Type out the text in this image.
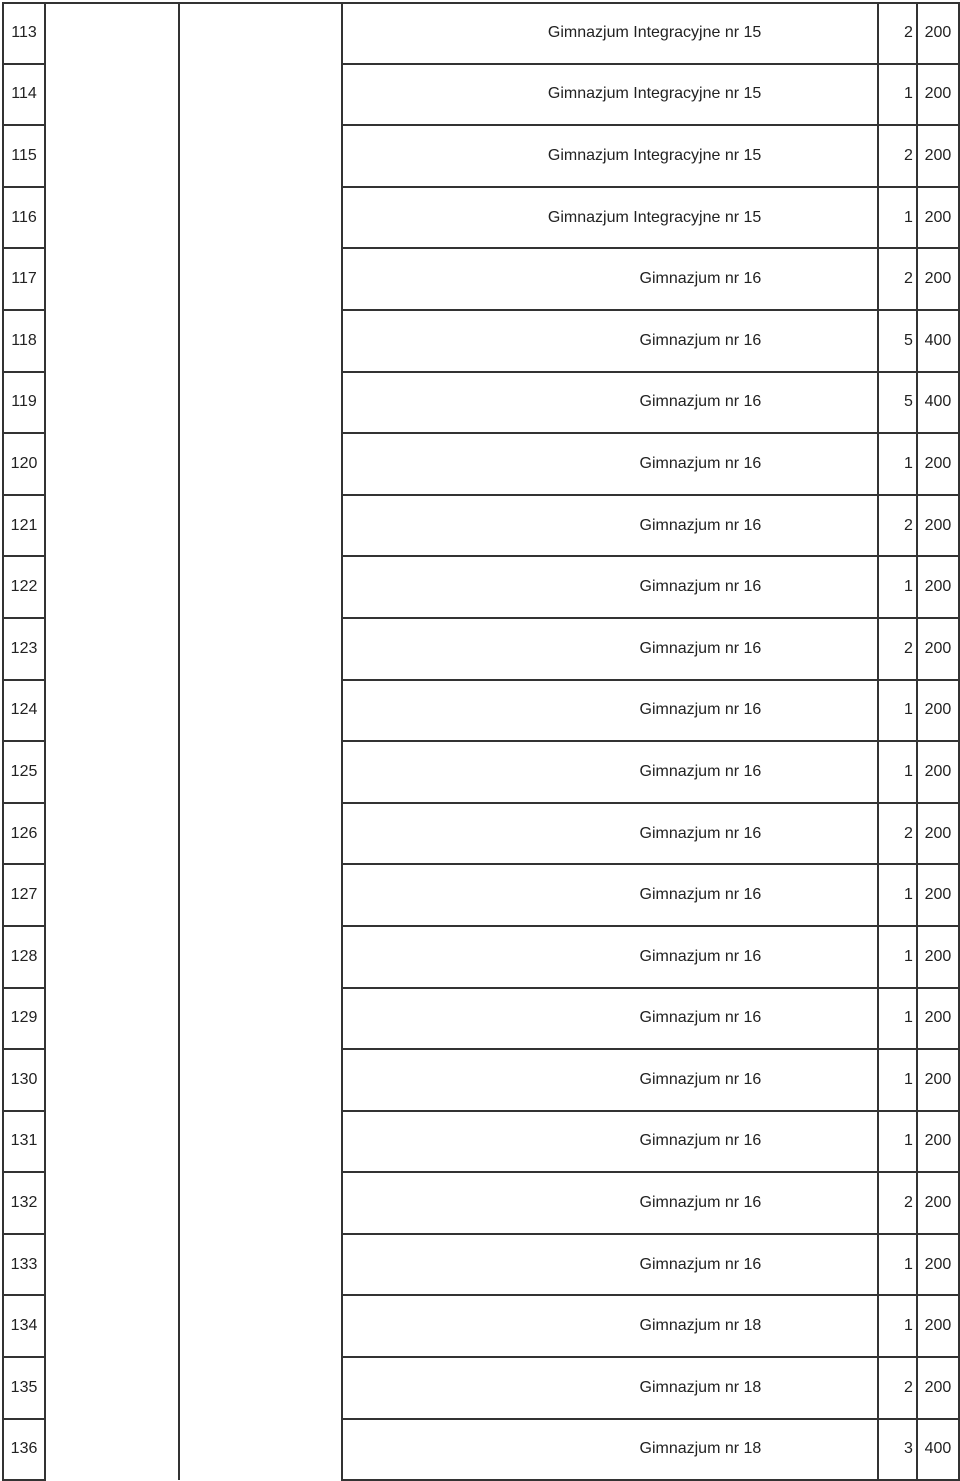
113			Gimnazjum Integracyjne nr 15	2	200
114			Gimnazjum Integracyjne nr 15	1	200
115			Gimnazjum Integracyjne nr 15	2	200
116			Gimnazjum Integracyjne nr 15	1	200
117			Gimnazjum nr 16	2	200
118			Gimnazjum nr 16	5	400
119			Gimnazjum nr 16	5	400
120			Gimnazjum nr 16	1	200
121			Gimnazjum nr 16	2	200
122			Gimnazjum nr 16	1	200
123			Gimnazjum nr 16	2	200
124			Gimnazjum nr 16	1	200
125			Gimnazjum nr 16	1	200
126			Gimnazjum nr 16	2	200
127			Gimnazjum nr 16	1	200
128			Gimnazjum nr 16	1	200
129			Gimnazjum nr 16	1	200
130			Gimnazjum nr 16	1	200
131			Gimnazjum nr 16	1	200
132			Gimnazjum nr 16	2	200
133			Gimnazjum nr 16	1	200
134			Gimnazjum nr 18	1	200
135			Gimnazjum nr 18	2	200
136			Gimnazjum nr 18	3	400
